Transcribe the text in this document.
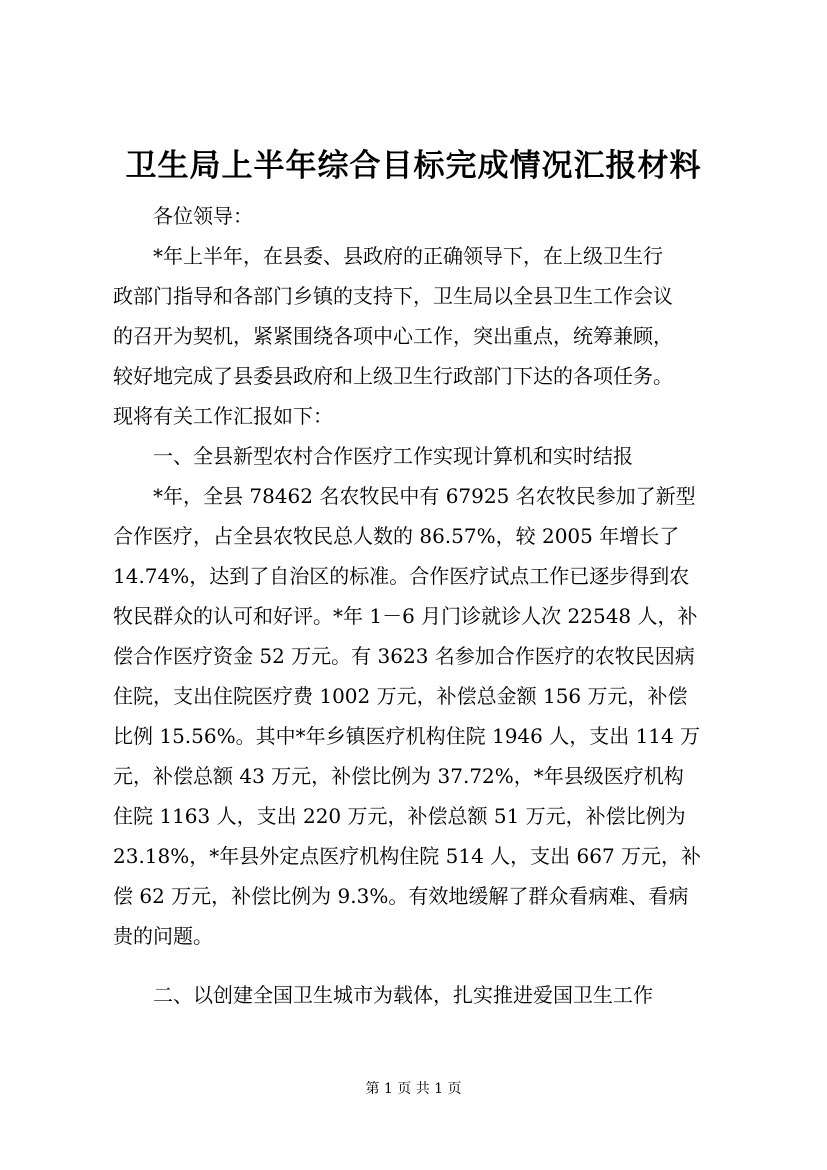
卫生局上半年综合目标完成情况汇报材料
各位领导：
*年上半年，在县委、县政府的正确领导下，在上级卫生行
政部门指导和各部门乡镇的支持下，卫生局以全县卫生工作会议
的召开为契机，紧紧围绕各项中心工作，突出重点，统筹兼顾，
较好地完成了县委县政府和上级卫生行政部门下达的各项任务。
现将有关工作汇报如下：
一、全县新型农村合作医疗工作实现计算机和实时结报
*年，全县 78462 名农牧民中有 67925 名农牧民参加了新型
合作医疗，占全县农牧民总人数的 86.57%，较 2005 年增长了
14.74%，达到了自治区的标准。合作医疗试点工作已逐步得到农
牧民群众的认可和好评。*年 1－6 月门诊就诊人次 22548 人，补
偿合作医疗资金 52 万元。有 3623 名参加合作医疗的农牧民因病
住院，支出住院医疗费 1002 万元，补偿总金额 156 万元，补偿
比例 15.56%。其中*年乡镇医疗机构住院 1946 人，支出 114 万
元，补偿总额 43 万元，补偿比例为 37.72%，*年县级医疗机构
住院 1163 人，支出 220 万元，补偿总额 51 万元，补偿比例为
23.18%，*年县外定点医疗机构住院 514 人，支出 667 万元，补
偿 62 万元，补偿比例为 9.3%。有效地缓解了群众看病难、看病
贵的问题。
二、以创建全国卫生城市为载体，扎实推进爱国卫生工作
第 1 页 共 1 页
